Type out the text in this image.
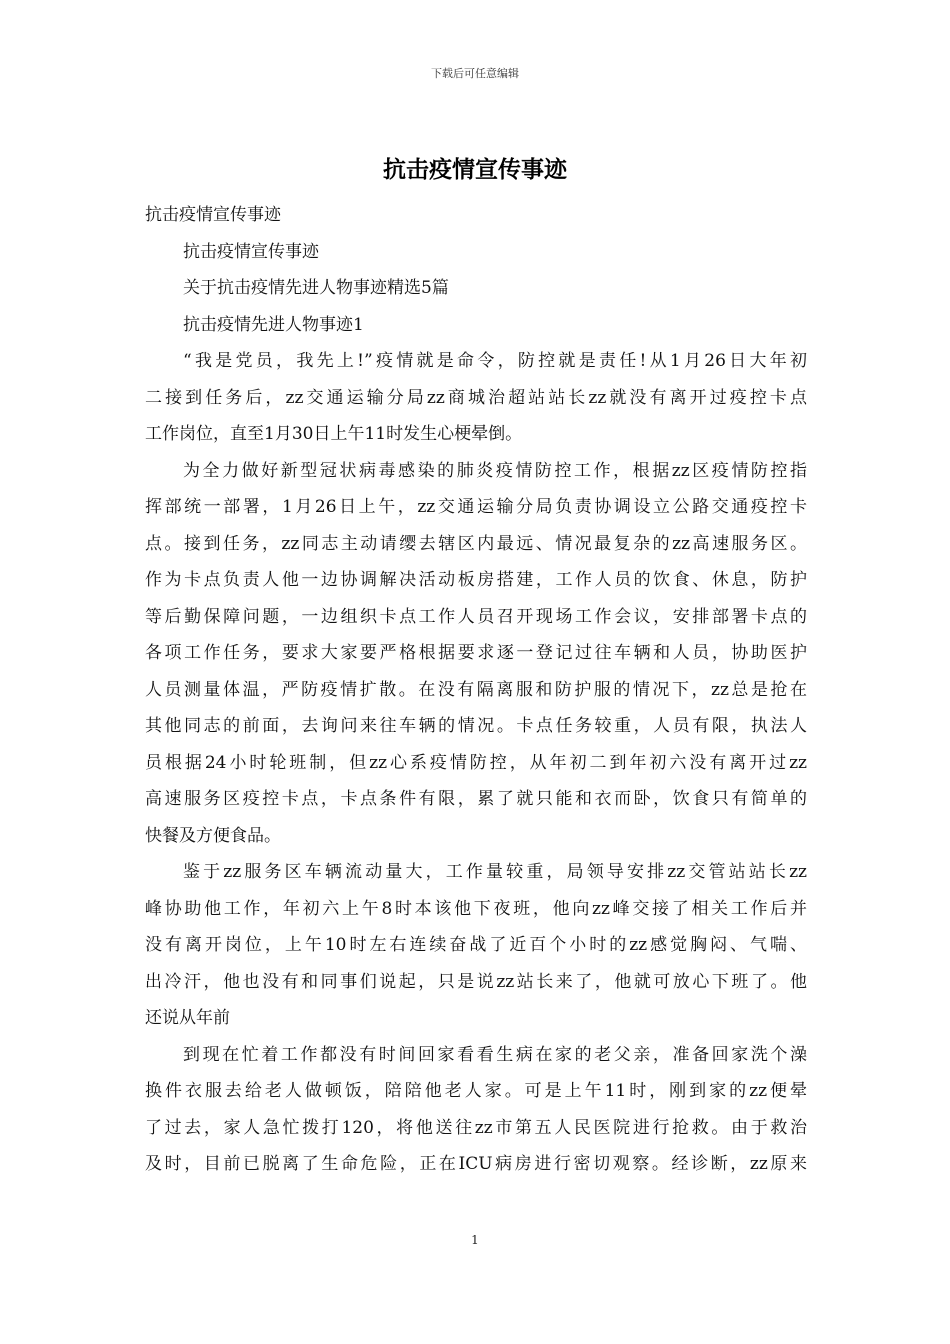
下载后可任意编辑
抗击疫情宣传事迹
抗击疫情宣传事迹
抗击疫情宣传事迹
关于抗击疫情先进人物事迹精选5篇
抗击疫情先进人物事迹1
“我是党员，我先上!”疫情就是命令，防控就是责任!从1月26日大年初
二接到任务后，zz交通运输分局zz商城治超站站长zz就没有离开过疫控卡点
工作岗位，直至1月30日上午11时发生心梗晕倒。
为全力做好新型冠状病毒感染的肺炎疫情防控工作，根据zz区疫情防控指
挥部统一部署，1月26日上午，zz交通运输分局负责协调设立公路交通疫控卡
点。接到任务，zz同志主动请缨去辖区内最远、情况最复杂的zz高速服务区。
作为卡点负责人他一边协调解决活动板房搭建，工作人员的饮食、休息，防护
等后勤保障问题，一边组织卡点工作人员召开现场工作会议，安排部署卡点的
各项工作任务，要求大家要严格根据要求逐一登记过往车辆和人员，协助医护
人员测量体温，严防疫情扩散。在没有隔离服和防护服的情况下，zz总是抢在
其他同志的前面，去询问来往车辆的情况。卡点任务较重，人员有限，执法人
员根据24小时轮班制，但zz心系疫情防控，从年初二到年初六没有离开过zz
高速服务区疫控卡点，卡点条件有限，累了就只能和衣而卧，饮食只有简单的
快餐及方便食品。
鉴于zz服务区车辆流动量大，工作量较重，局领导安排zz交管站站长zz
峰协助他工作，年初六上午8时本该他下夜班，他向zz峰交接了相关工作后并
没有离开岗位，上午10时左右连续奋战了近百个小时的zz感觉胸闷、气喘、
出冷汗，他也没有和同事们说起，只是说zz站长来了，他就可放心下班了。他
还说从年前
到现在忙着工作都没有时间回家看看生病在家的老父亲，准备回家洗个澡
换件衣服去给老人做顿饭，陪陪他老人家。可是上午11时，刚到家的zz便晕
了过去，家人急忙拨打120，将他送往zz市第五人民医院进行抢救。由于救治
及时，目前已脱离了生命危险，正在ICU病房进行密切观察。经诊断，zz原来
1
